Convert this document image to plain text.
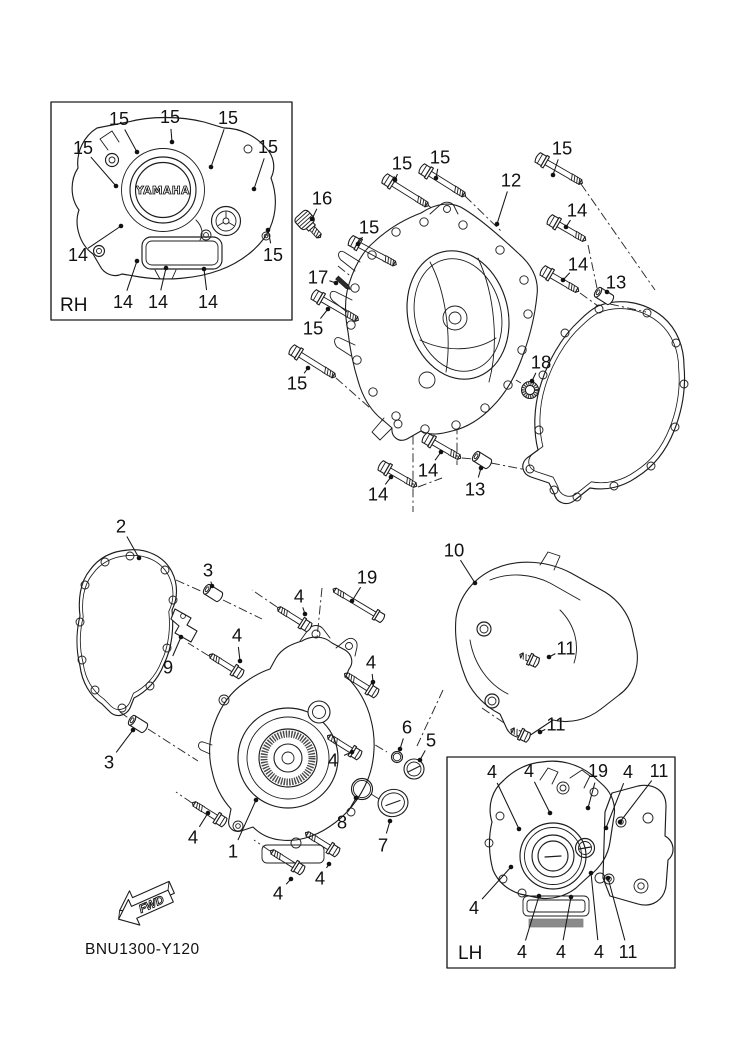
YAMAHA
RH
15 15 15
15	15
15
14
14 14 14
15 15	15
15
15
15
16
17
12
14
14
13
18
14
14	13
2
3
3
9
19
10
4
4
4
4
4
4
4
11
11
1
5
6
7
8
LH
4 4	19 4 11
4
4 4 4 11
FWD
BNU1300-Y120
